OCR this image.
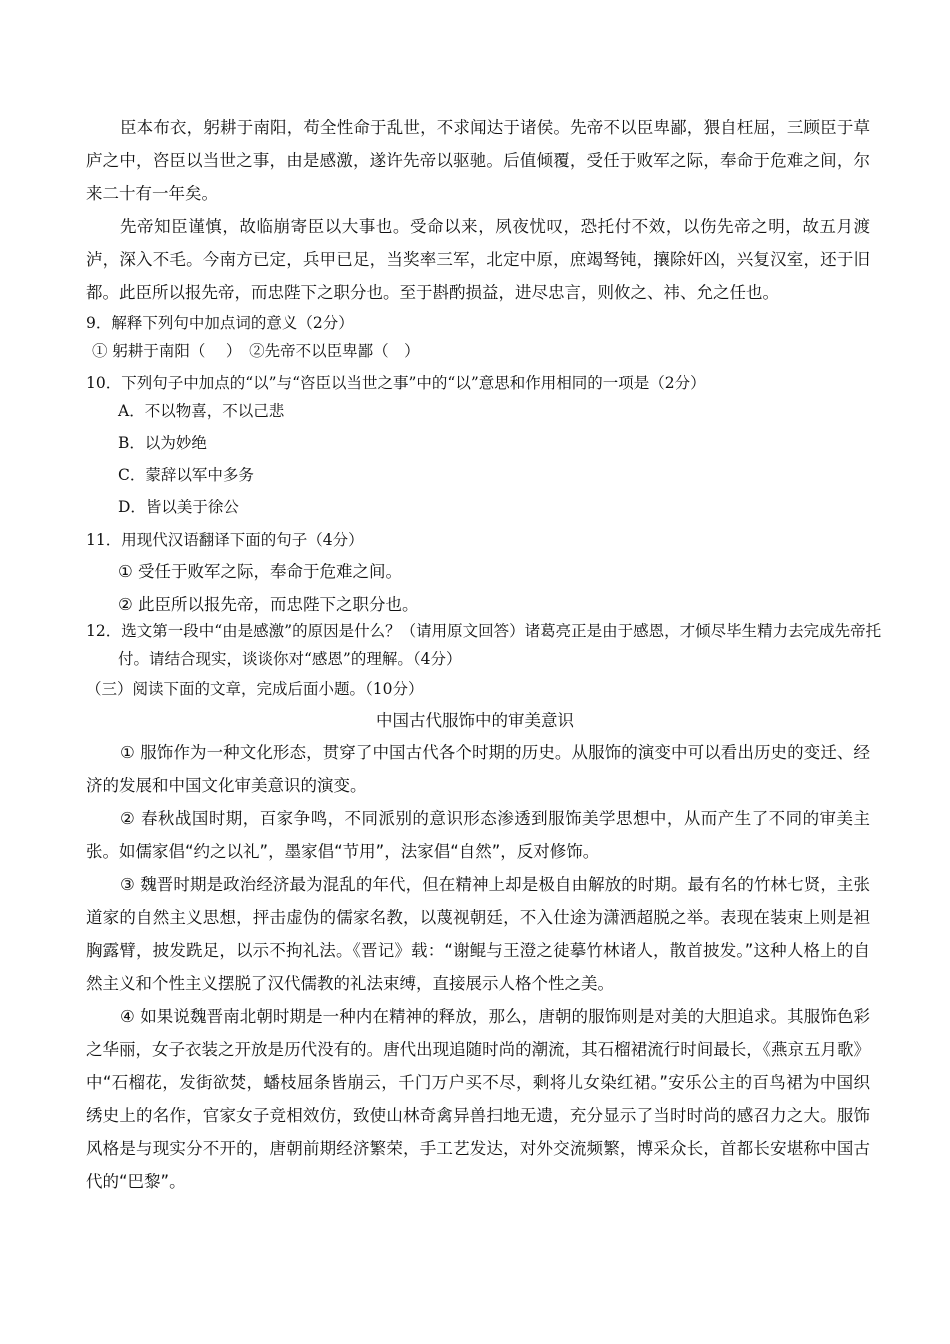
臣本布衣，躬耕于南阳，苟全性命于乱世，不求闻达于诸侯。先帝不以臣卑鄙，猥自枉屈，三顾臣于草庐之中，咨臣以当世之事，由是感激，遂许先帝以驱驰。后值倾覆，受任于败军之际，奉命于危难之间，尔来二十有一年矣。

先帝知臣谨慎，故临崩寄臣以大事也。受命以来，夙夜忧叹，恐托付不效，以伤先帝之明，故五月渡泸，深入不毛。今南方已定，兵甲已足，当奖率三军，北定中原，庶竭驽钝，攘除奸凶，兴复汉室，还于旧都。此臣所以报先帝，而忠陛下之职分也。至于斟酌损益，进尽忠言，则攸之、祎、允之任也。

9．解释下列句中加点词的意义（2分）

① 躬耕于南阳（　 ）　②先帝不以臣卑鄙（　）

10．下列句子中加点的“以”与“咨臣以当世之事”中的“以”意思和作用相同的一项是（2分）

A．不以物喜，不以己悲

B．以为妙绝

C．蒙辞以军中多务

D．皆以美于徐公

11．用现代汉语翻译下面的句子（4分）

① 受任于败军之际，奉命于危难之间。

② 此臣所以报先帝，而忠陛下之职分也。

12．选文第一段中“由是感激”的原因是什么？（请用原文回答）诸葛亮正是由于感恩，才倾尽毕生精力去完成先帝托付。请结合现实，谈谈你对“感恩”的理解。（4分）

（三）阅读下面的文章，完成后面小题。（10分）

中国古代服饰中的审美意识

① 服饰作为一种文化形态，贯穿了中国古代各个时期的历史。从服饰的演变中可以看出历史的变迁、经济的发展和中国文化审美意识的演变。

② 春秋战国时期，百家争鸣，不同派别的意识形态渗透到服饰美学思想中，从而产生了不同的审美主张。如儒家倡“约之以礼”，墨家倡“节用”，法家倡“自然”，反对修饰。

③ 魏晋时期是政治经济最为混乱的年代，但在精神上却是极自由解放的时期。最有名的竹林七贤，主张道家的自然主义思想，抨击虚伪的儒家名教，以蔑视朝廷，不入仕途为潇洒超脱之举。表现在装束上则是袒胸露臂，披发跣足，以示不拘礼法。《晋记》载：“谢鲲与王澄之徒摹竹林诸人，散首披发。”这种人格上的自然主义和个性主义摆脱了汉代儒教的礼法束缚，直接展示人格个性之美。

④ 如果说魏晋南北朝时期是一种内在精神的释放，那么，唐朝的服饰则是对美的大胆追求。其服饰色彩之华丽，女子衣装之开放是历代没有的。唐代出现追随时尚的潮流，其石榴裙流行时间最长，《燕京五月歌》中“石榴花，发街欲焚，蟠枝屈条皆崩云，千门万户买不尽，剩将儿女染红裙。”安乐公主的百鸟裙为中国织绣史上的名作，官家女子竞相效仿，致使山林奇禽异兽扫地无遗，充分显示了当时时尚的感召力之大。服饰风格是与现实分不开的，唐朝前期经济繁荣，手工艺发达，对外交流频繁，博采众长，首都长安堪称中国古代的“巴黎”。
